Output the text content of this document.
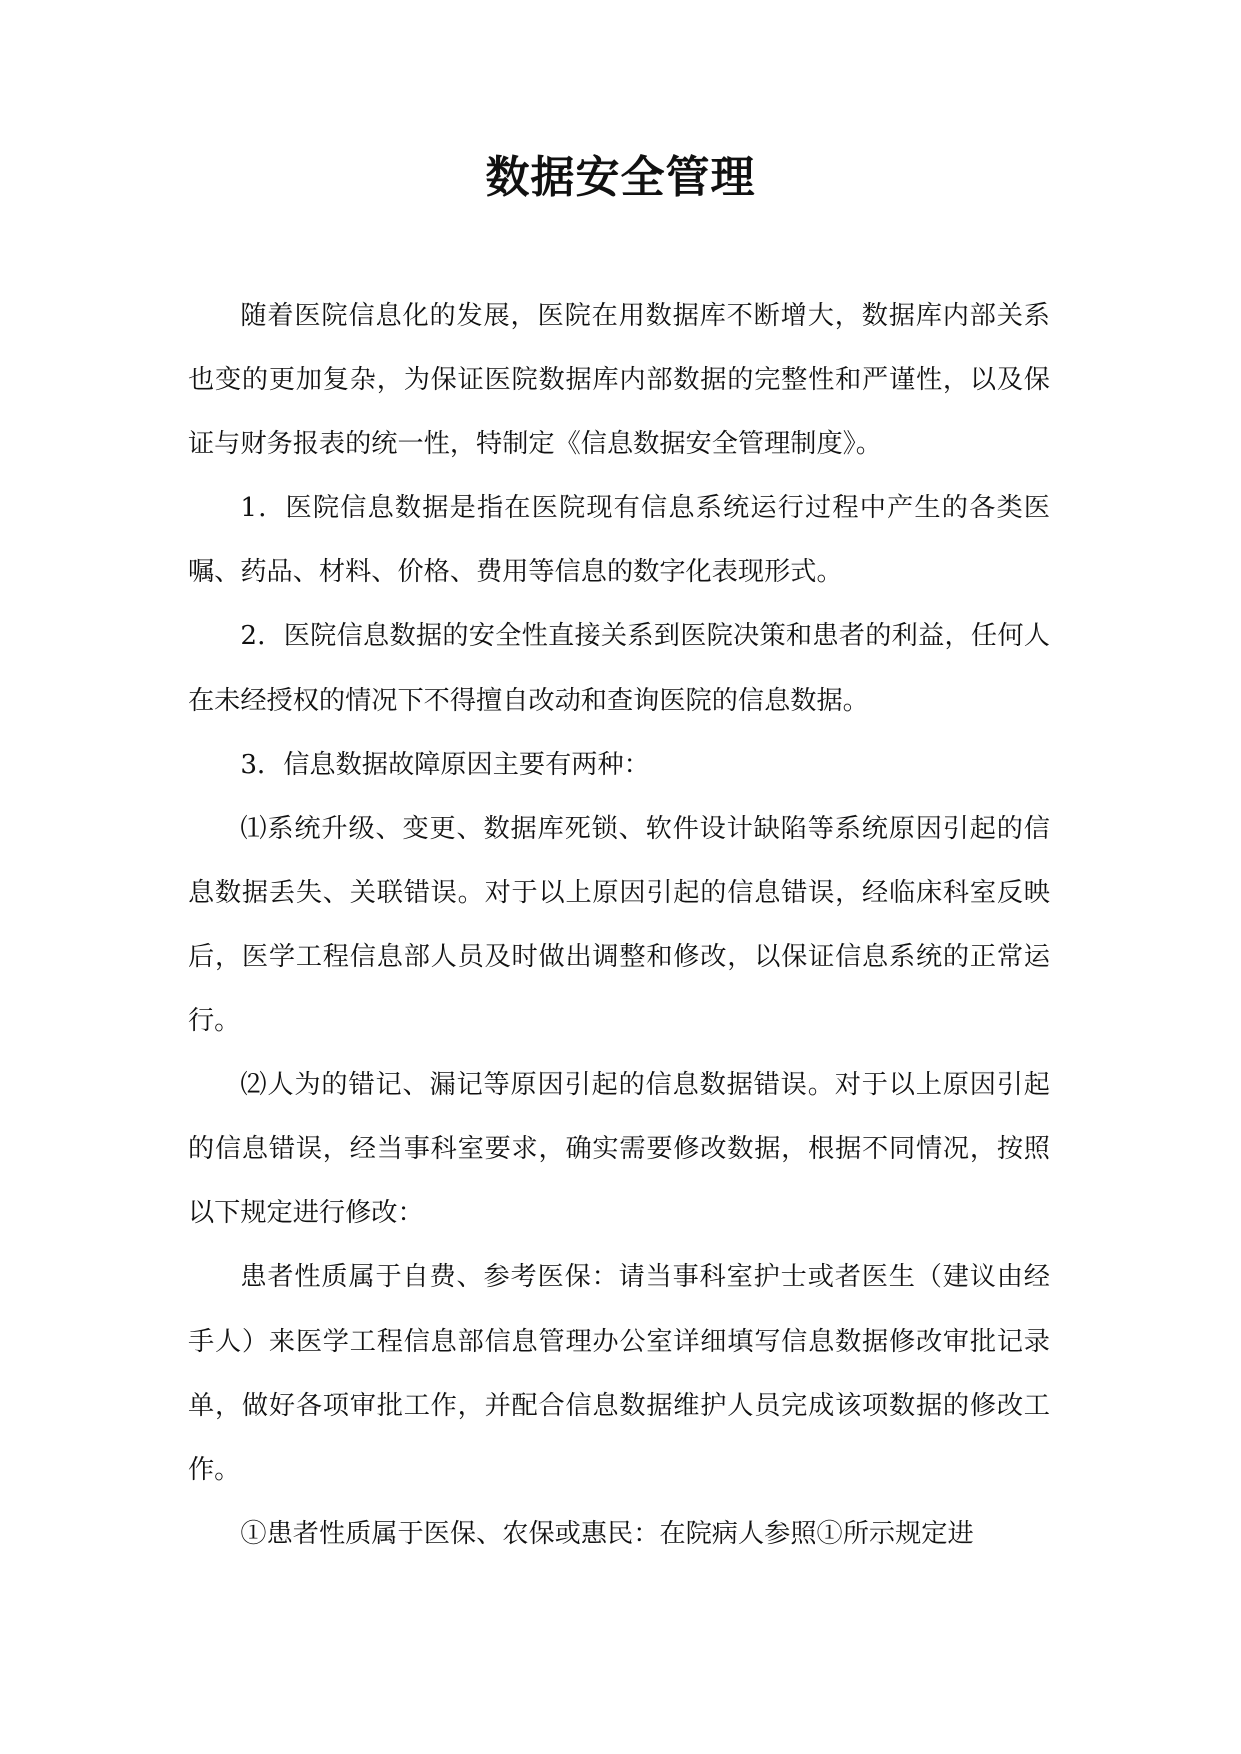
数据安全管理

随着医院信息化的发展，医院在用数据库不断增大，数据库内部关系也变的更加复杂，为保证医院数据库内部数据的完整性和严谨性，以及保证与财务报表的统一性，特制定《信息数据安全管理制度》。

1．医院信息数据是指在医院现有信息系统运行过程中产生的各类医嘱、药品、材料、价格、费用等信息的数字化表现形式。

2．医院信息数据的安全性直接关系到医院决策和患者的利益，任何人在未经授权的情况下不得擅自改动和查询医院的信息数据。

3．信息数据故障原因主要有两种：

⑴系统升级、变更、数据库死锁、软件设计缺陷等系统原因引起的信息数据丢失、关联错误。对于以上原因引起的信息错误，经临床科室反映后，医学工程信息部人员及时做出调整和修改，以保证信息系统的正常运行。

⑵人为的错记、漏记等原因引起的信息数据错误。对于以上原因引起的信息错误，经当事科室要求，确实需要修改数据，根据不同情况，按照以下规定进行修改：

患者性质属于自费、参考医保：请当事科室护士或者医生（建议由经手人）来医学工程信息部信息管理办公室详细填写信息数据修改审批记录单，做好各项审批工作，并配合信息数据维护人员完成该项数据的修改工作。

①患者性质属于医保、农保或惠民：在院病人参照①所示规定进
